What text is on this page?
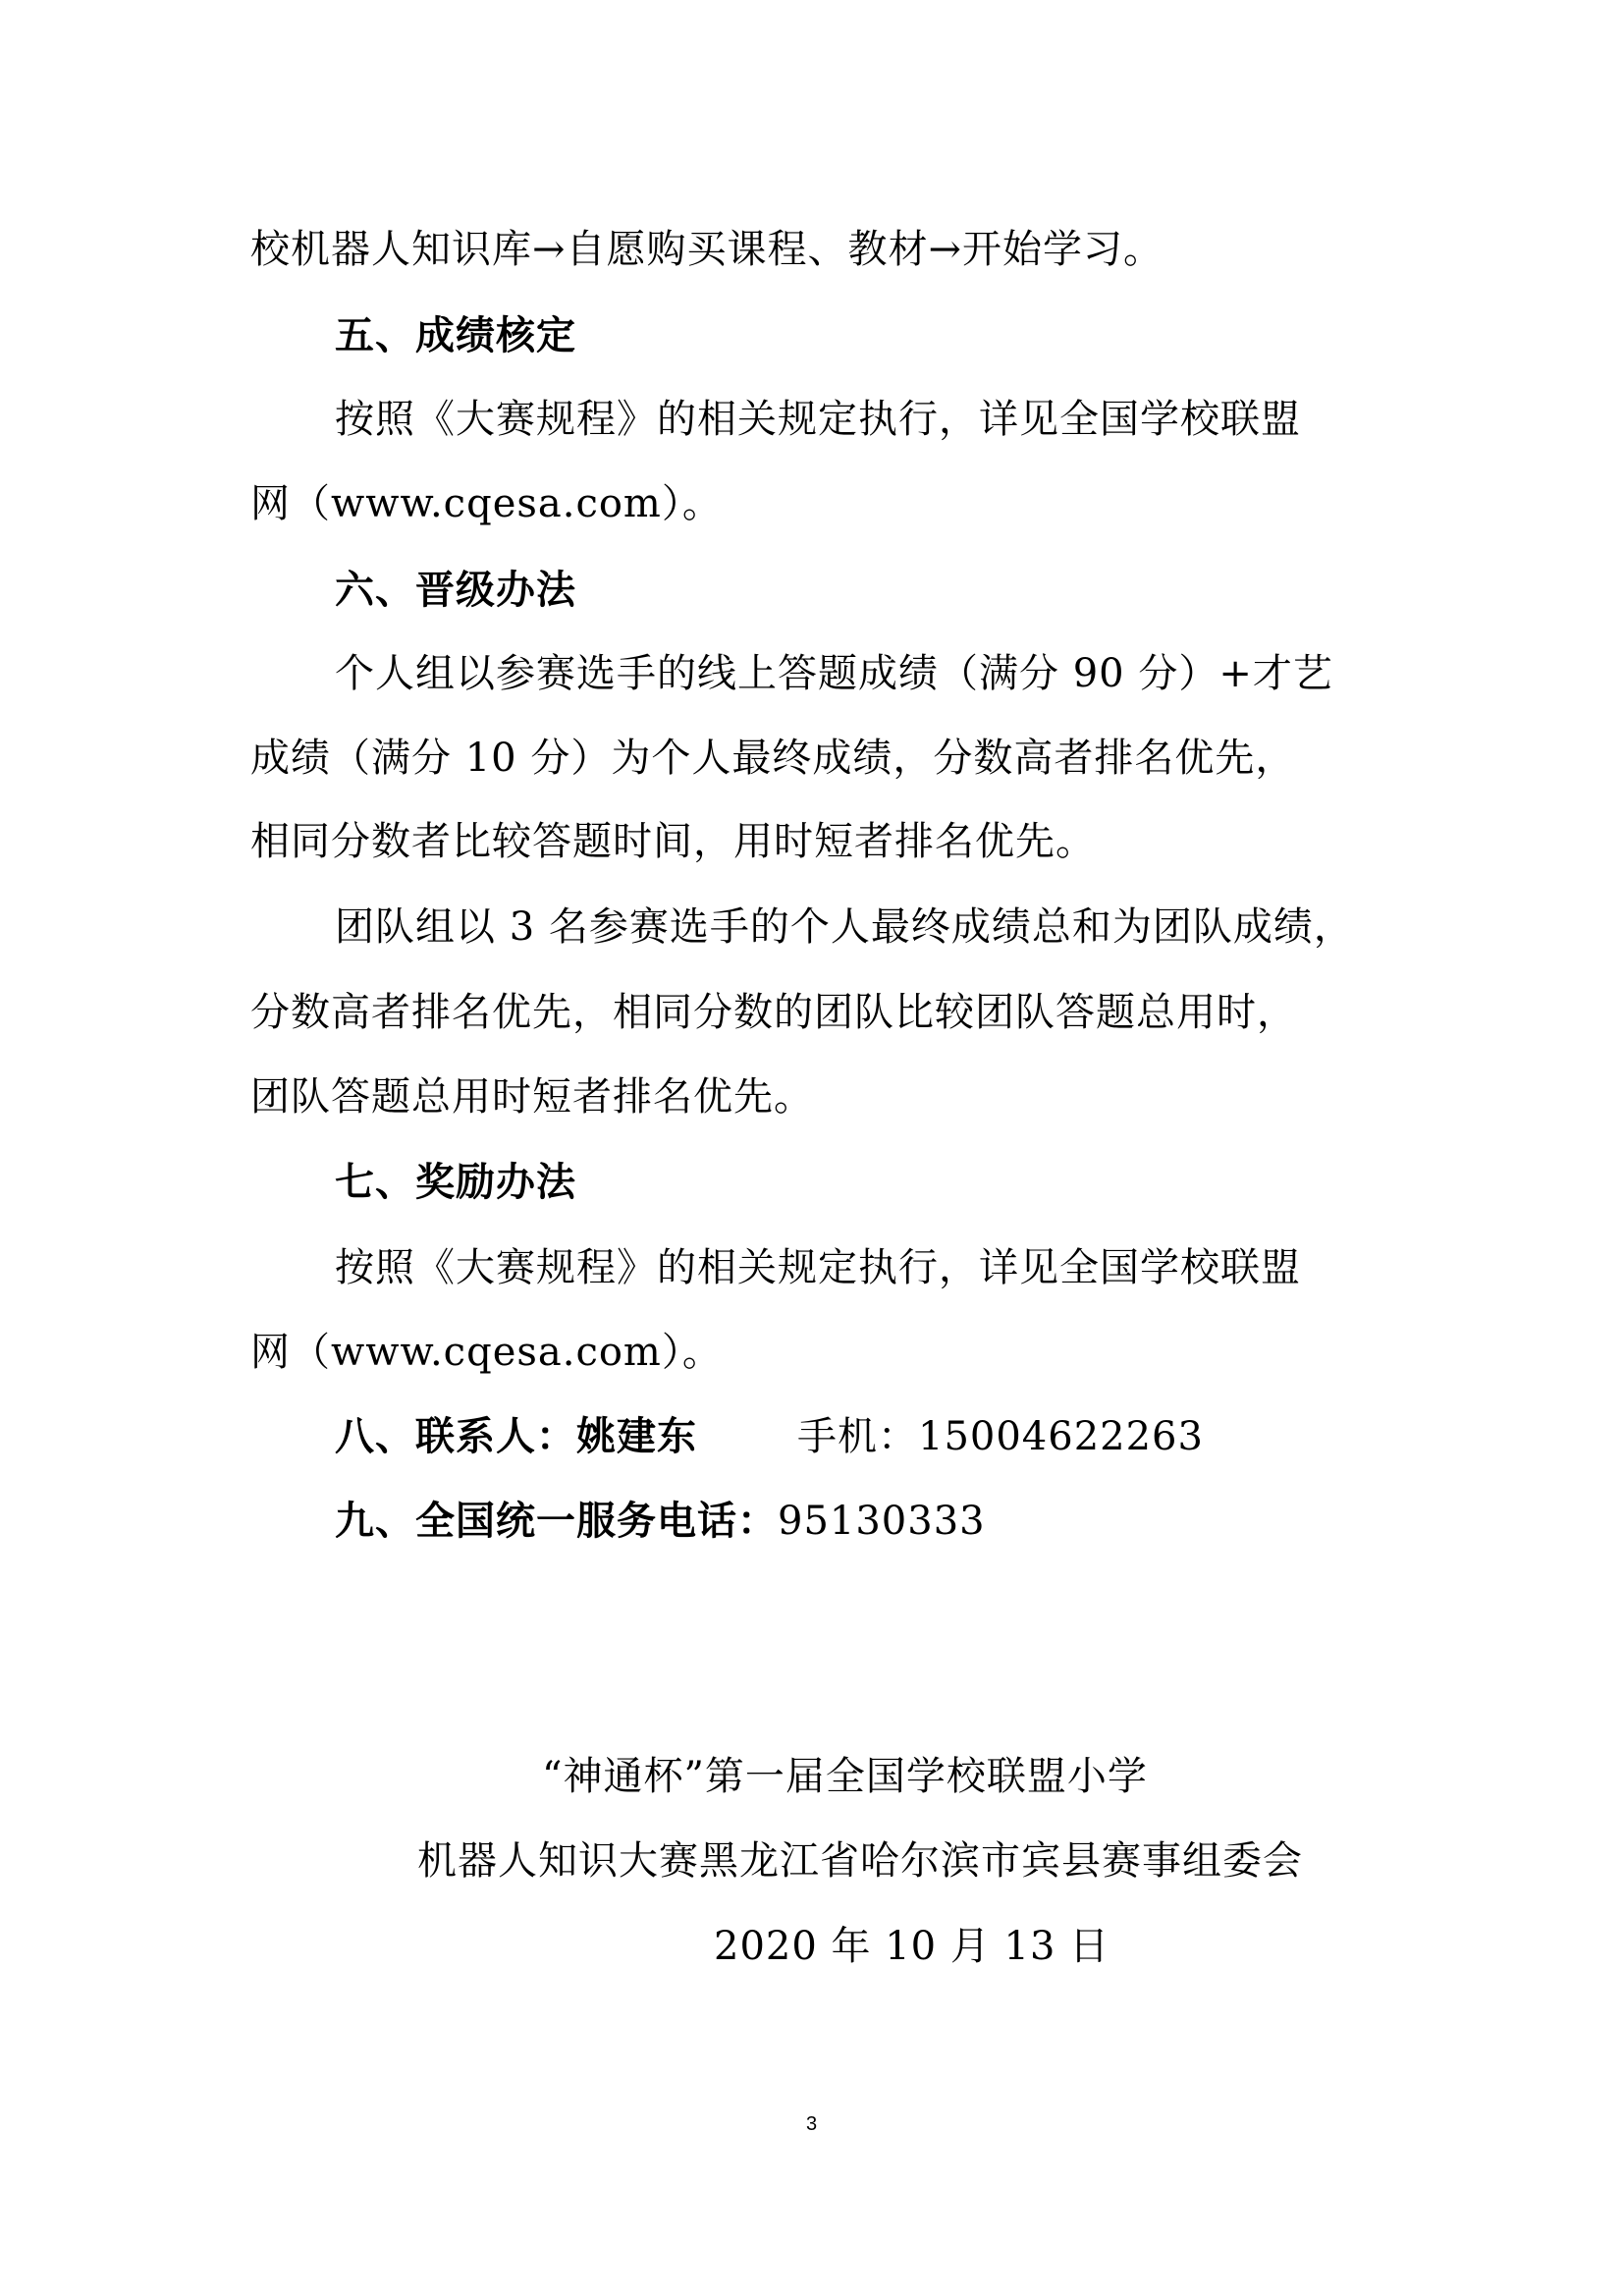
校机器人知识库→自愿购买课程、教材→开始学习。
五、成绩核定
按照《大赛规程》的相关规定执行，详见全国学校联盟
网（www.cqesa.com）。
六、晋级办法
个人组以参赛选手的线上答题成绩（满分 90 分）+才艺
成绩（满分 10 分）为个人最终成绩，分数高者排名优先，
相同分数者比较答题时间，用时短者排名优先。
团队组以 3 名参赛选手的个人最终成绩总和为团队成绩，
分数高者排名优先，相同分数的团队比较团队答题总用时，
团队答题总用时短者排名优先。
七、奖励办法
按照《大赛规程》的相关规定执行，详见全国学校联盟
网（www.cqesa.com）。
八、联系人：姚建东	手机：15004622263
九、全国统一服务电话：95130333
“神通杯”第一届全国学校联盟小学
机器人知识大赛黑龙江省哈尔滨市宾县赛事组委会
2020 年 10 月 13 日
3
